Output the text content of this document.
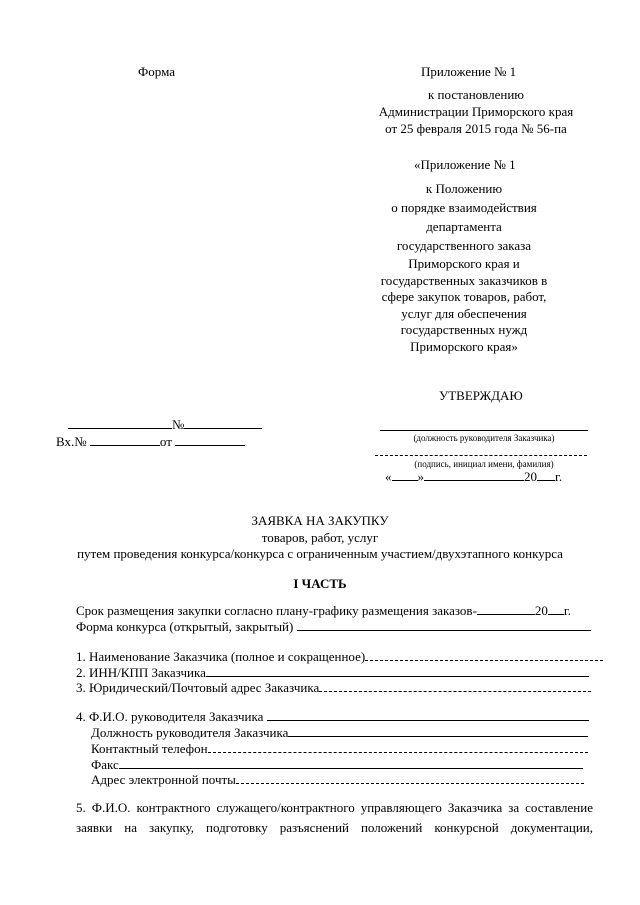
Форма	Приложение № 1
к постановлению
Администрации Приморского края
от 25 февраля 2015 года № 56-па
«Приложение № 1
к Положению
о порядке взаимодействия
департамента
государственного заказа
Приморского края и
государственных заказчиков в
сфере закупок товаров, работ,
услуг для обеспечения
государственных нужд
Приморского края»
УТВЕРЖДАЮ
(должность руководителя Заказчика)
(подпись, инициал имени, фамилия)
« »	20 г.
№
Вх.№	от
ЗАЯВКА НА ЗАКУПКУ
товаров, работ, услуг
путем проведения конкурса/конкурса с ограниченным участием/двухэтапного конкурса
I ЧАСТЬ
Срок размещения закупки согласно плану-графику размещения заказов-	20 г.
Форма конкурса (открытый, закрытый)
1. Наименование Заказчика (полное и сокращенное)
2. ИНН/КПП Заказчика
3. Юридический/Почтовый адрес Заказчика
4. Ф.И.О. руководителя Заказчика
Должность руководителя Заказчика
Контактный телефон
Факс
Адрес электронной почты
5. Ф.И.О. контрактного служащего/контрактного управляющего Заказчика за составление
заявки на закупку, подготовку разъяснений положений конкурсной документации,
